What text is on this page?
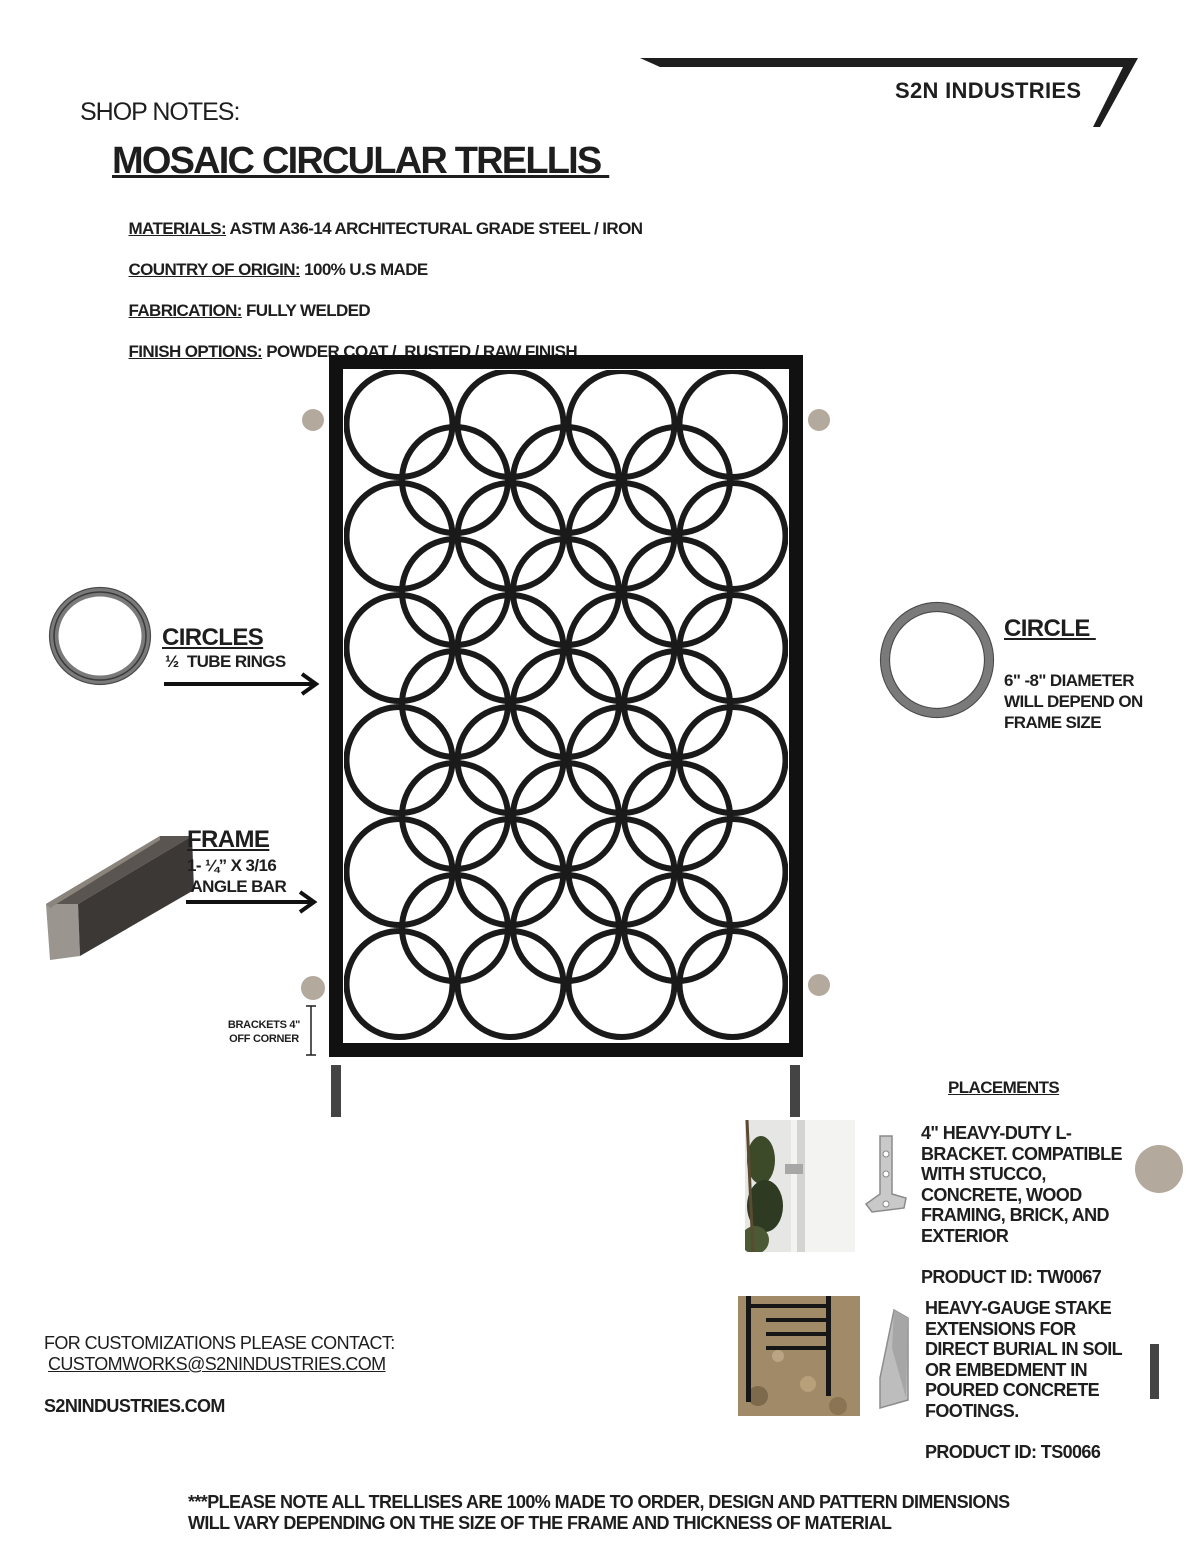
S2N INDUSTRIES
SHOP NOTES:
MOSAIC CIRCULAR TRELLIS

MATERIALS: ASTM A36-14 ARCHITECTURAL GRADE STEEL / IRON

COUNTRY OF ORIGIN: 100% U.S MADE

FABRICATION: FULLY WELDED

FINISH OPTIONS: POWDER COAT /  RUSTED / RAW FINISH

BRACKETS 4"
OFF CORNER
CIRCLES
½  TUBE RINGS
FRAME
1- ¼” X 3/16
ANGLE BAR
CIRCLE
6" -8" DIAMETER
WILL DEPEND ON
FRAME SIZE
PLACEMENTS
4" HEAVY-DUTY L-
BRACKET. COMPATIBLE
WITH STUCCO,
CONCRETE, WOOD
FRAMING, BRICK, AND
EXTERIOR
PRODUCT ID: TW0067
HEAVY-GAUGE STAKE
EXTENSIONS FOR
DIRECT BURIAL IN SOIL
OR EMBEDMENT IN
POURED CONCRETE
FOOTINGS.
PRODUCT ID: TS0066
FOR CUSTOMIZATIONS PLEASE CONTACT:
CUSTOMWORKS@S2NINDUSTRIES.COM
S2NINDUSTRIES.COM
***PLEASE NOTE ALL TRELLISES ARE 100% MADE TO ORDER, DESIGN AND PATTERN DIMENSIONS
WILL VARY DEPENDING ON THE SIZE OF THE FRAME AND THICKNESS OF MATERIAL
